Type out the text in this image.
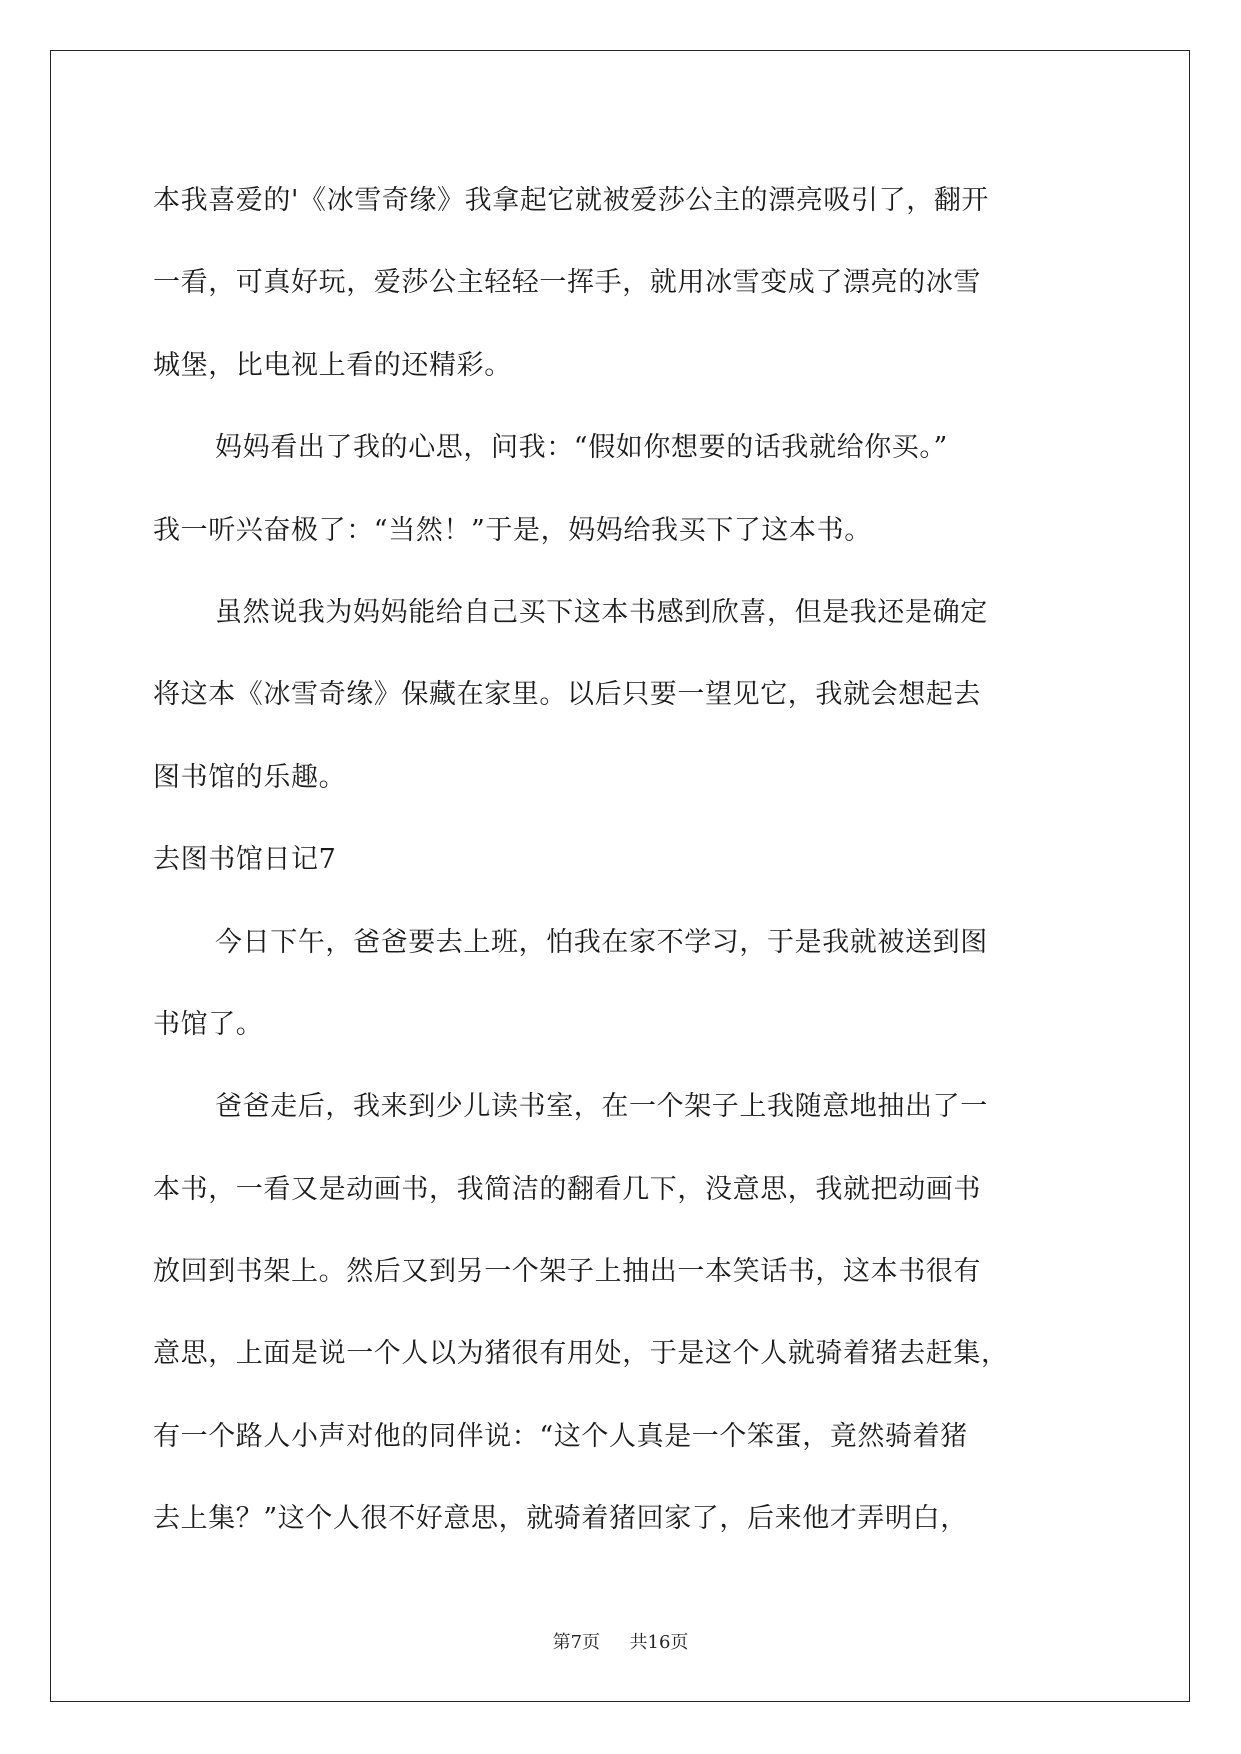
本我喜爱的'《冰雪奇缘》我拿起它就被爱莎公主的漂亮吸引了，翻开
一看，可真好玩，爱莎公主轻轻一挥手，就用冰雪变成了漂亮的冰雪
城堡，比电视上看的还精彩。
妈妈看出了我的心思，问我：“假如你想要的话我就给你买。”
我一听兴奋极了：“当然！”于是，妈妈给我买下了这本书。
虽然说我为妈妈能给自己买下这本书感到欣喜，但是我还是确定
将这本《冰雪奇缘》保藏在家里。以后只要一望见它，我就会想起去
图书馆的乐趣。
去图书馆日记7
今日下午，爸爸要去上班，怕我在家不学习，于是我就被送到图
书馆了。
爸爸走后，我来到少儿读书室，在一个架子上我随意地抽出了一
本书，一看又是动画书，我简洁的翻看几下，没意思，我就把动画书
放回到书架上。然后又到另一个架子上抽出一本笑话书，这本书很有
意思，上面是说一个人以为猪很有用处，于是这个人就骑着猪去赶集，
有一个路人小声对他的同伴说：“这个人真是一个笨蛋，竟然骑着猪
去上集？”这个人很不好意思，就骑着猪回家了，后来他才弄明白，
第7页 共16页
